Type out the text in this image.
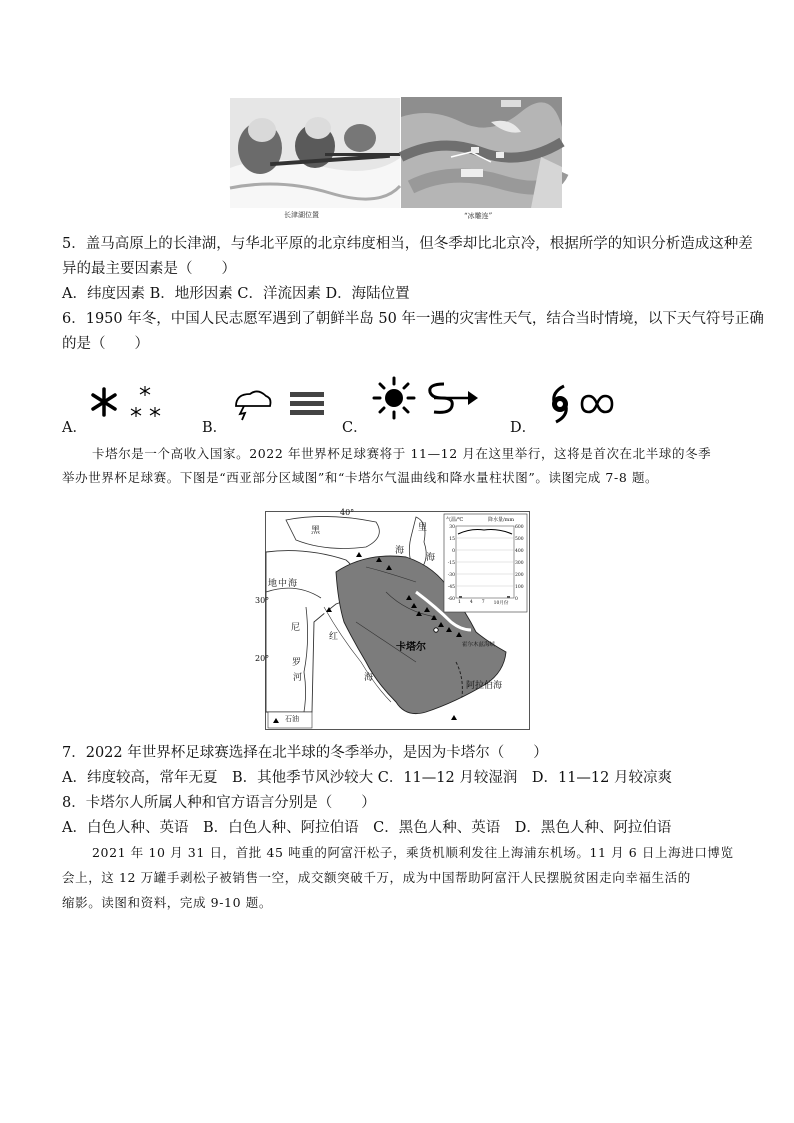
长津湖位置	“冰雕连”
5．盖马高原上的长津湖，与华北平原的北京纬度相当，但冬季却比北京冷，根据所学的知识分析造成这种差
异的最主要因素是（　　）
A．纬度因素 B．地形因素 C．洋流因素 D．海陆位置
6．1950 年冬，中国人民志愿军遇到了朝鲜半岛 50 年一遇的灾害性天气，结合当时情境，以下天气符号正确
的是（　　）
A．	B．	C．	D．
卡塔尔是一个高收入国家。2022 年世界杯足球赛将于 11—12 月在这里举行，这将是首次在北半球的冬季
举办世界杯足球赛。下图是“西亚部分区域图”和“卡塔尔气温曲线和降水量柱状图”。读图完成 7-8 题。
40°
30°
20°
黑
海
里
海
地 中 海
尼
罗
河
红
海
卡塔尔	霍尔木兹海峡
阿拉伯海
石油
气温/℃	降水量/mm
30
15
0
-15
-30
-45
-60
600
500
400
300
200
100
0
1 4 7 10月份
7．2022 年世界杯足球赛选择在北半球的冬季举办，是因为卡塔尔（　　）
A．纬度较高，常年无夏　B．其他季节风沙较大 C．11—12 月较湿润　D．11—12 月较凉爽
8．卡塔尔人所属人种和官方语言分别是（　　）
A．白色人种、英语　B．白色人种、阿拉伯语　C．黑色人种、英语　D．黑色人种、阿拉伯语
2021 年 10 月 31 日，首批 45 吨重的阿富汗松子，乘货机顺利发往上海浦东机场。11 月 6 日上海进口博览
会上，这 12 万罐手剥松子被销售一空，成交额突破千万，成为中国帮助阿富汗人民摆脱贫困走向幸福生活的
缩影。读图和资料，完成 9-10 题。
